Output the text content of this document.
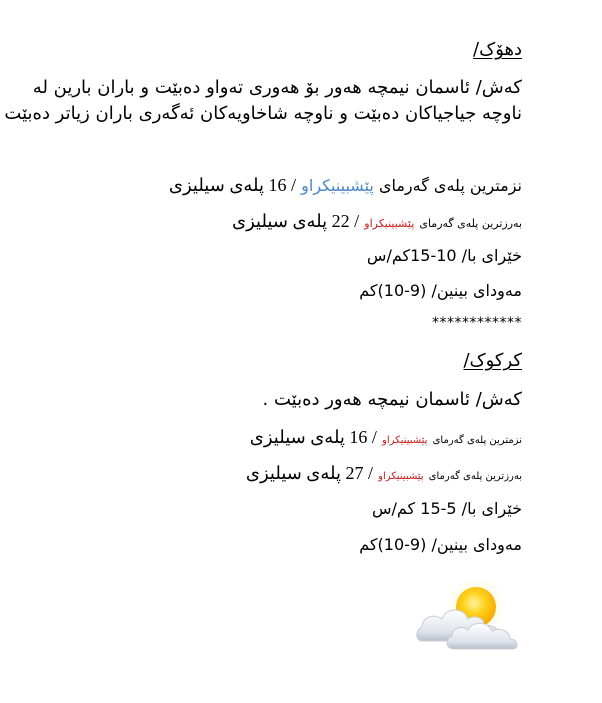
دهۆک/
کەش/ ئاسمان نیمچە هەور بۆ هەوری تەواو دەبێت و باران بارین لە
ناوچە جیاجیاکان دەبێت و ناوچە شاخاویەکان ئەگەری باران زیاتر دەبێت
نزمترین پلەی گەرمای پێشبینیکراو / 16 پلەی سیلیزی
بەرزترین پلەی گەرمای پێشبینیکراو / 22 پلەی سیلیزی
خێرای با/ 10-15کم/س
مەودای بینین/ (9-10)کم
************
کرکوک/
کەش/ ئاسمان نیمچە هەور دەبێت .
نزمترین پلەی گەرمای پێشبینیکراو / 16 پلەی سیلیزی
بەرزترین پلەی گەرمای پێشبینیکراو / 27 پلەی سیلیزی
خێرای با/ 5-15 کم/س
مەودای بینین/ (9-10)کم
